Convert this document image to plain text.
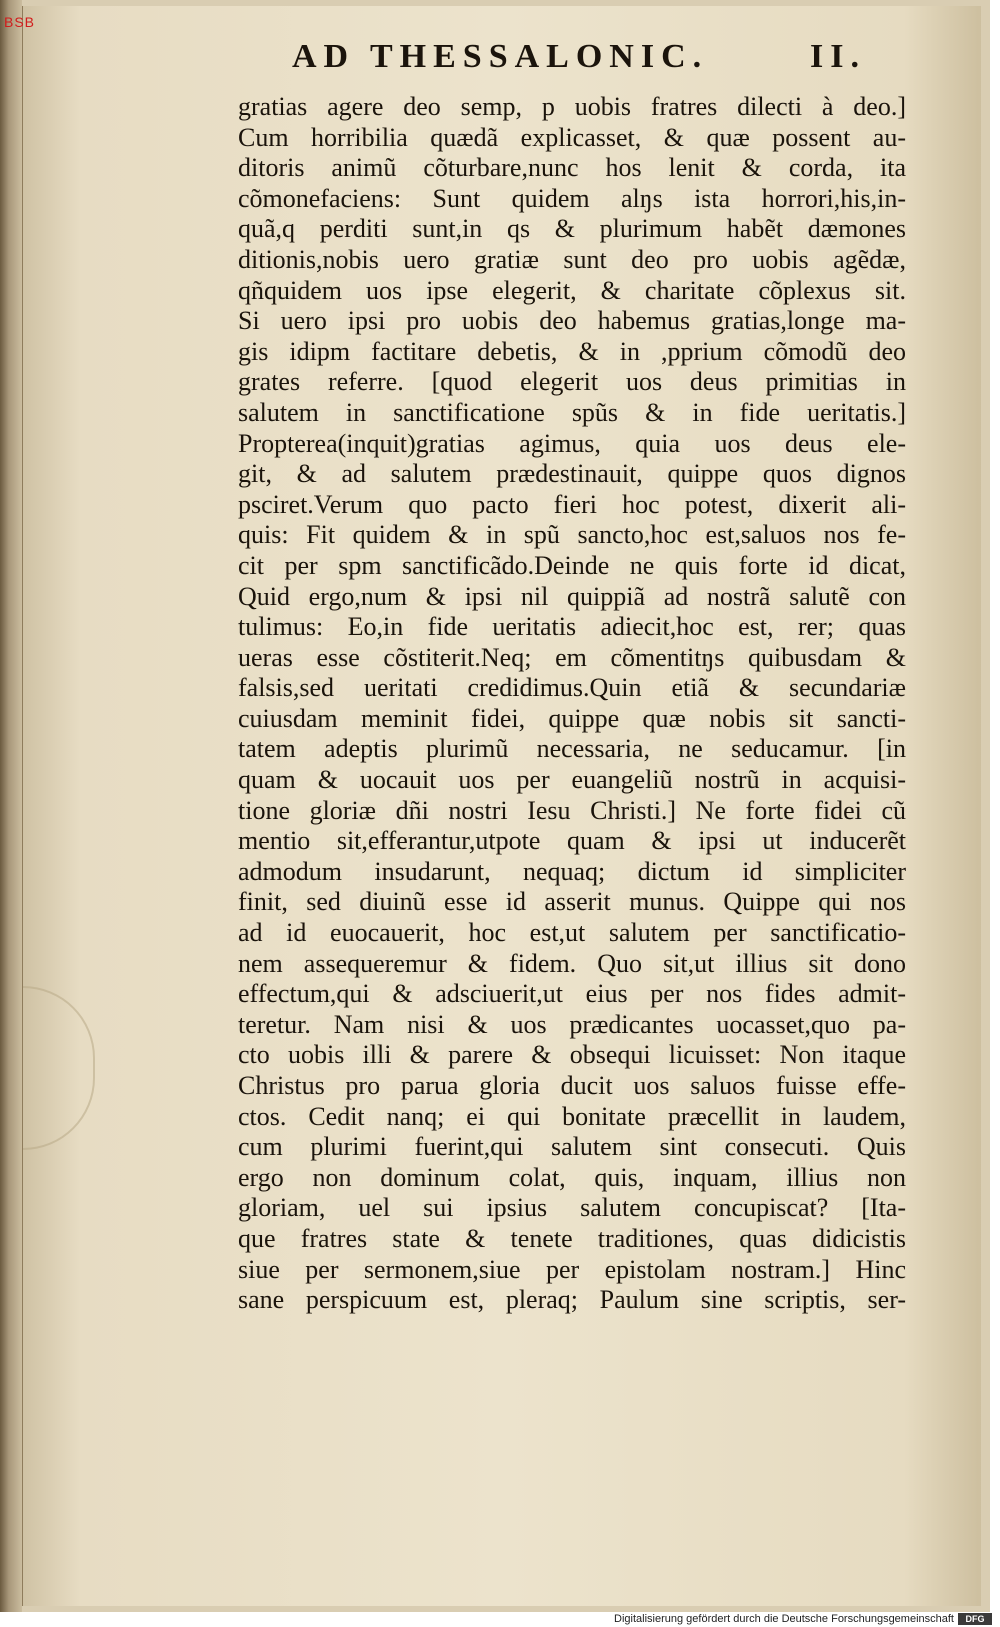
BSB
AD THESSALONIC.	II.
gratias agere deo semp, p uobis fratres dilecti à deo.]
Cum horribilia quædã explicasset, & quæ possent au-
ditoris animũ cõturbare,nunc hos lenit & corda, ita
cõmonefaciens: Sunt quidem alŋs ista horrori,his,in-
quã,q perditi sunt,in qs & plurimum habẽt dæmones
ditionis,nobis uero gratiæ sunt deo pro uobis agẽdæ,
qñquidem uos ipse elegerit, & charitate cõplexus sit.
Si uero ipsi pro uobis deo habemus gratias,longe ma-
gis idipm factitare debetis, & in ,pprium cõmodũ deo
grates referre. [quod elegerit uos deus primitias in
salutem in sanctificatione spũs & in fide ueritatis.]
Propterea(inquit)gratias agimus, quia uos deus ele-
git, & ad salutem prædestinauit, quippe quos dignos
psciret.Verum quo pacto fieri hoc potest, dixerit ali-
quis: Fit quidem & in spũ sancto,hoc est,saluos nos fe-
cit per spm sanctificãdo.Deinde ne quis forte id dicat,
Quid ergo,num & ipsi nil quippiã ad nostrã salutẽ con
tulimus: Eo,in fide ueritatis adiecit,hoc est, rer; quas
ueras esse cõstiterit.Neq; em cõmentitŋs quibusdam &
falsis,sed ueritati credidimus.Quin etiã & secundariæ
cuiusdam meminit fidei, quippe quæ nobis sit sancti-
tatem adeptis plurimũ necessaria, ne seducamur. [in
quam & uocauit uos per euangeliũ nostrũ in acquisi-
tione gloriæ dñi nostri Iesu Christi.] Ne forte fidei cũ
mentio sit,efferantur,utpote quam & ipsi ut inducerẽt
admodum insudarunt, nequaq; dictum id simpliciter
finit, sed diuinũ esse id asserit munus. Quippe qui nos
ad id euocauerit, hoc est,ut salutem per sanctificatio-
nem assequeremur & fidem. Quo sit,ut illius sit dono
effectum,qui & adsciuerit,ut eius per nos fides admit-
teretur. Nam nisi & uos prædicantes uocasset,quo pa-
cto uobis illi & parere & obsequi licuisset: Non itaque
Christus pro parua gloria ducit uos saluos fuisse effe-
ctos. Cedit nanq; ei qui bonitate præcellit in laudem,
cum plurimi fuerint,qui salutem sint consecuti. Quis
ergo non dominum colat, quis, inquam, illius non
gloriam, uel sui ipsius salutem concupiscat? [Ita-
que fratres state & tenete traditiones, quas didicistis
siue per sermonem,siue per epistolam nostram.] Hinc
sane perspicuum est, pleraq; Paulum sine scriptis, ser-
Digitalisierung gefördert durch die Deutsche Forschungsgemeinschaft	DFG
